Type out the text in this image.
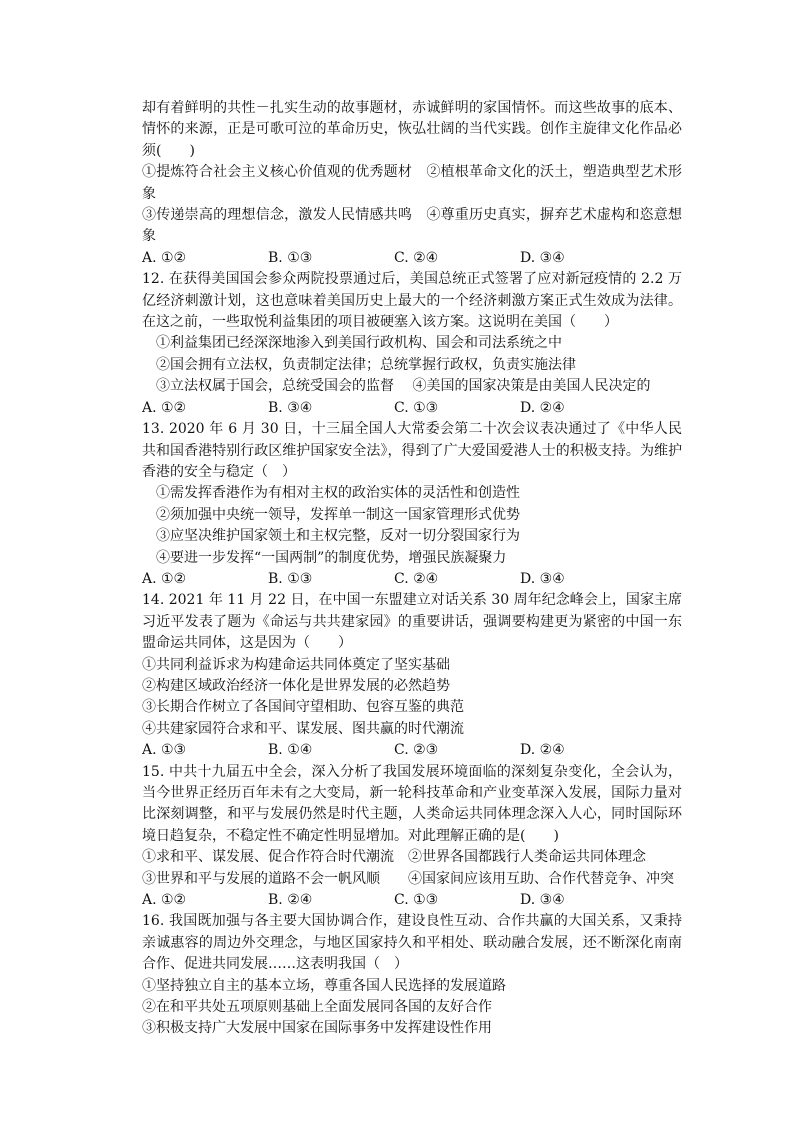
却有着鲜明的共性－扎实生动的故事题材，赤诚鲜明的家国情怀。而这些故事的底本、情怀的来源，正是可歌可泣的革命历史，恢弘壮阔的当代实践。创作主旋律文化作品必须(　　)

①提炼符合社会主义核心价值观的优秀题材　②植根革命文化的沃土，塑造典型艺术形象

③传递崇高的理想信念，激发人民情感共鸣　④尊重历史真实，摒弃艺术虚构和恣意想象

A. ①②	B. ①③	C. ②④	D. ③④

12. 在获得美国国会参众两院投票通过后，美国总统正式签署了应对新冠疫情的 2.2 万亿经济刺激计划，这也意味着美国历史上最大的一个经济刺激方案正式生效成为法律。在这之前，一些取悦利益集团的项目被硬塞入该方案。这说明在美国（　　）

①利益集团已经深深地渗入到美国行政机构、国会和司法系统之中

②国会拥有立法权，负责制定法律；总统掌握行政权，负责实施法律

③立法权属于国会，总统受国会的监督　 ④美国的国家决策是由美国人民决定的

A. ①②	B. ③④	C. ①③	D. ②④

13. 2020 年 6 月 30 日，十三届全国人大常委会第二十次会议表决通过了《中华人民共和国香港特别行政区维护国家安全法》，得到了广大爱国爱港人士的积极支持。为维护香港的安全与稳定（　）

①需发挥香港作为有相对主权的政治实体的灵活性和创造性

②须加强中央统一领导，发挥单一制这一国家管理形式优势

③应坚决维护国家领土和主权完整，反对一切分裂国家行为

④要进一步发挥“一国两制”的制度优势，增强民族凝聚力

A. ①②	B. ①③	C. ②④	D. ③④

14. 2021 年 11 月 22 日，在中国一东盟建立对话关系 30 周年纪念峰会上，国家主席习近平发表了题为《命运与共共建家园》的重要讲话，强调要构建更为紧密的中国一东盟命运共同体，这是因为（　　）

①共同利益诉求为构建命运共同体奠定了坚实基础

②构建区域政治经济一体化是世界发展的必然趋势

③长期合作树立了各国间守望相助、包容互鉴的典范

④共建家园符合求和平、谋发展、图共赢的时代潮流

A. ①③	B. ①④	C. ②③	D. ②④

15. 中共十九届五中全会，深入分析了我国发展环境面临的深刻复杂变化，全会认为，当今世界正经历百年未有之大变局，新一轮科技革命和产业变革深入发展，国际力量对比深刻调整，和平与发展仍然是时代主题，人类命运共同体理念深入人心，同时国际环境日趋复杂，不稳定性不确定性明显增加。对此理解正确的是(　　)

①求和平、谋发展、促合作符合时代潮流　②世界各国都践行人类命运共同体理念

③世界和平与发展的道路不会一帆风顺　　④国家间应该用互助、合作代替竞争、冲突

A. ①②	B. ②④	C. ①③	D. ③④

16. 我国既加强与各主要大国协调合作，建设良性互动、合作共赢的大国关系，又秉持亲诚惠容的周边外交理念，与地区国家持久和平相处、联动融合发展，还不断深化南南合作、促进共同发展……这表明我国（　）

①坚持独立自主的基本立场，尊重各国人民选择的发展道路

②在和平共处五项原则基础上全面发展同各国的友好合作

③积极支持广大发展中国家在国际事务中发挥建设性作用
